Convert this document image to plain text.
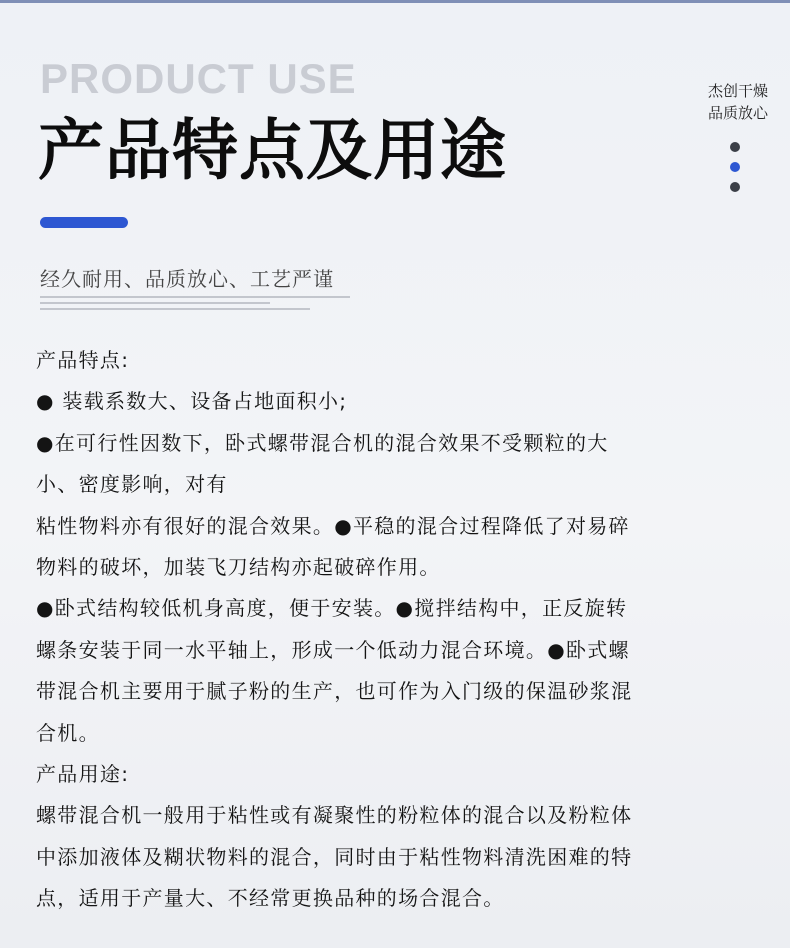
PRODUCT USE
产品特点及用途
杰创干燥
品质放心

经久耐用、品质放心、工艺严谨

产品特点:

● 装载系数大、设备占地面积小;

●在可行性因数下，卧式螺带混合机的混合效果不受颗粒的大

小、密度影响，对有

粘性物料亦有很好的混合效果。●平稳的混合过程降低了对易碎

物料的破坏，加装飞刀结构亦起破碎作用。

●卧式结构较低机身高度，便于安装。●搅拌结构中，正反旋转

螺条安装于同一水平轴上，形成一个低动力混合环境。●卧式螺

带混合机主要用于腻子粉的生产，也可作为入门级的保温砂浆混

合机。

产品用途:

螺带混合机一般用于粘性或有凝聚性的粉粒体的混合以及粉粒体

中添加液体及糊状物料的混合，同时由于粘性物料清洗困难的特

点，适用于产量大、不经常更换品种的场合混合。
